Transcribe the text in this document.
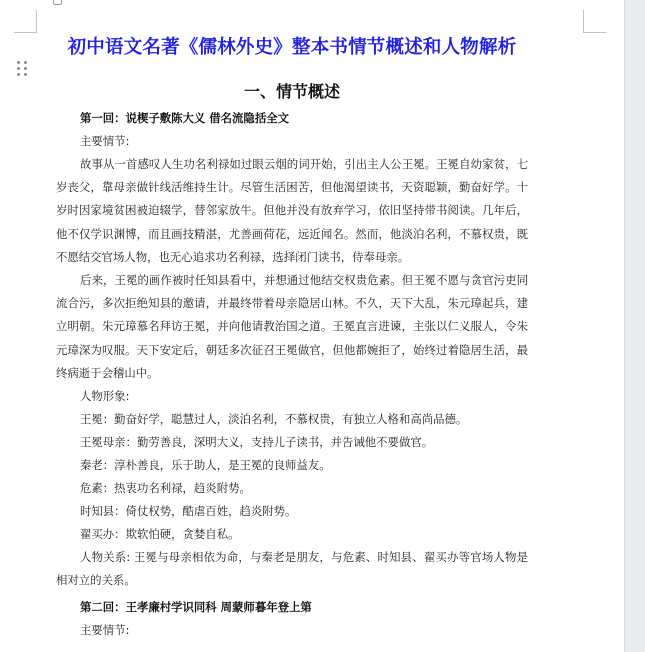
初中语文名著《儒林外史》整本书情节概述和人物解析
一、情节概述

第一回：说楔子敷陈大义 借名流隐括全文

主要情节:

故事从一首感叹人生功名利禄如过眼云烟的词开始，引出主人公王冕。王冕自幼家贫，七岁丧父，靠母亲做针线活维持生计。尽管生活困苦，但他渴望读书，天资聪颖，勤奋好学。十岁时因家境贫困被迫辍学，替邻家放牛。但他并没有放弃学习，依旧坚持带书阅读。几年后，他不仅学识渊博，而且画技精湛，尤善画荷花，远近闻名。然而，他淡泊名利，不慕权贵，既不愿结交官场人物，也无心追求功名利禄，选择闭门读书，侍奉母亲。

后来，王冕的画作被时任知县看中，并想通过他结交权贵危素。但王冕不愿与贪官污吏同流合污，多次拒绝知县的邀请，并最终带着母亲隐居山林。不久，天下大乱，朱元璋起兵，建立明朝。朱元璋慕名拜访王冕，并向他请教治国之道。王冕直言进谏，主张以仁义服人，令朱元璋深为叹服。天下安定后，朝廷多次征召王冕做官，但他都婉拒了，始终过着隐居生活，最终病逝于会稽山中。

人物形象:

王冕：勤奋好学，聪慧过人，淡泊名利，不慕权贵，有独立人格和高尚品德。

王冕母亲：勤劳善良，深明大义，支持儿子读书，并告诫他不要做官。

秦老：淳朴善良，乐于助人，是王冕的良师益友。

危素：热衷功名利禄，趋炎附势。

时知县：倚仗权势，酷虐百姓，趋炎附势。

翟买办：欺软怕硬，贪婪自私。

人物关系: 王冕与母亲相依为命，与秦老是朋友，与危素、时知县、翟买办等官场人物是相对立的关系。

第二回：王孝廉村学识同科 周蒙师暮年登上第

主要情节:
